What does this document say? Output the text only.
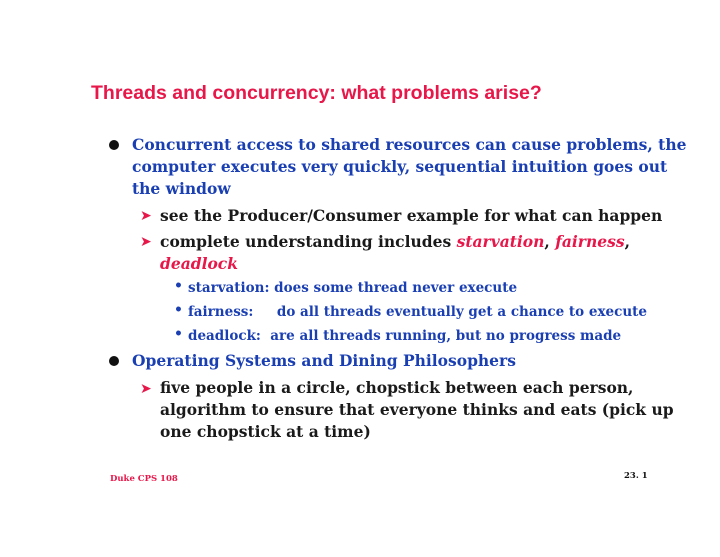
Threads and concurrency: what problems arise?
Concurrent access to shared resources can cause problems, the
computer executes very quickly, sequential intuition goes out
the window
➤ see the Producer/Consumer example for what can happen
➤ complete understanding includes starvation, fairness,
deadlock
• starvation: does some thread never execute
• fairness:     do all threads eventually get a chance to execute
• deadlock:  are all threads running, but no progress made
Operating Systems and Dining Philosophers
➤ five people in a circle, chopstick between each person,
algorithm to ensure that everyone thinks and eats (pick up
one chopstick at a time)
Duke CPS 108	23. 1
